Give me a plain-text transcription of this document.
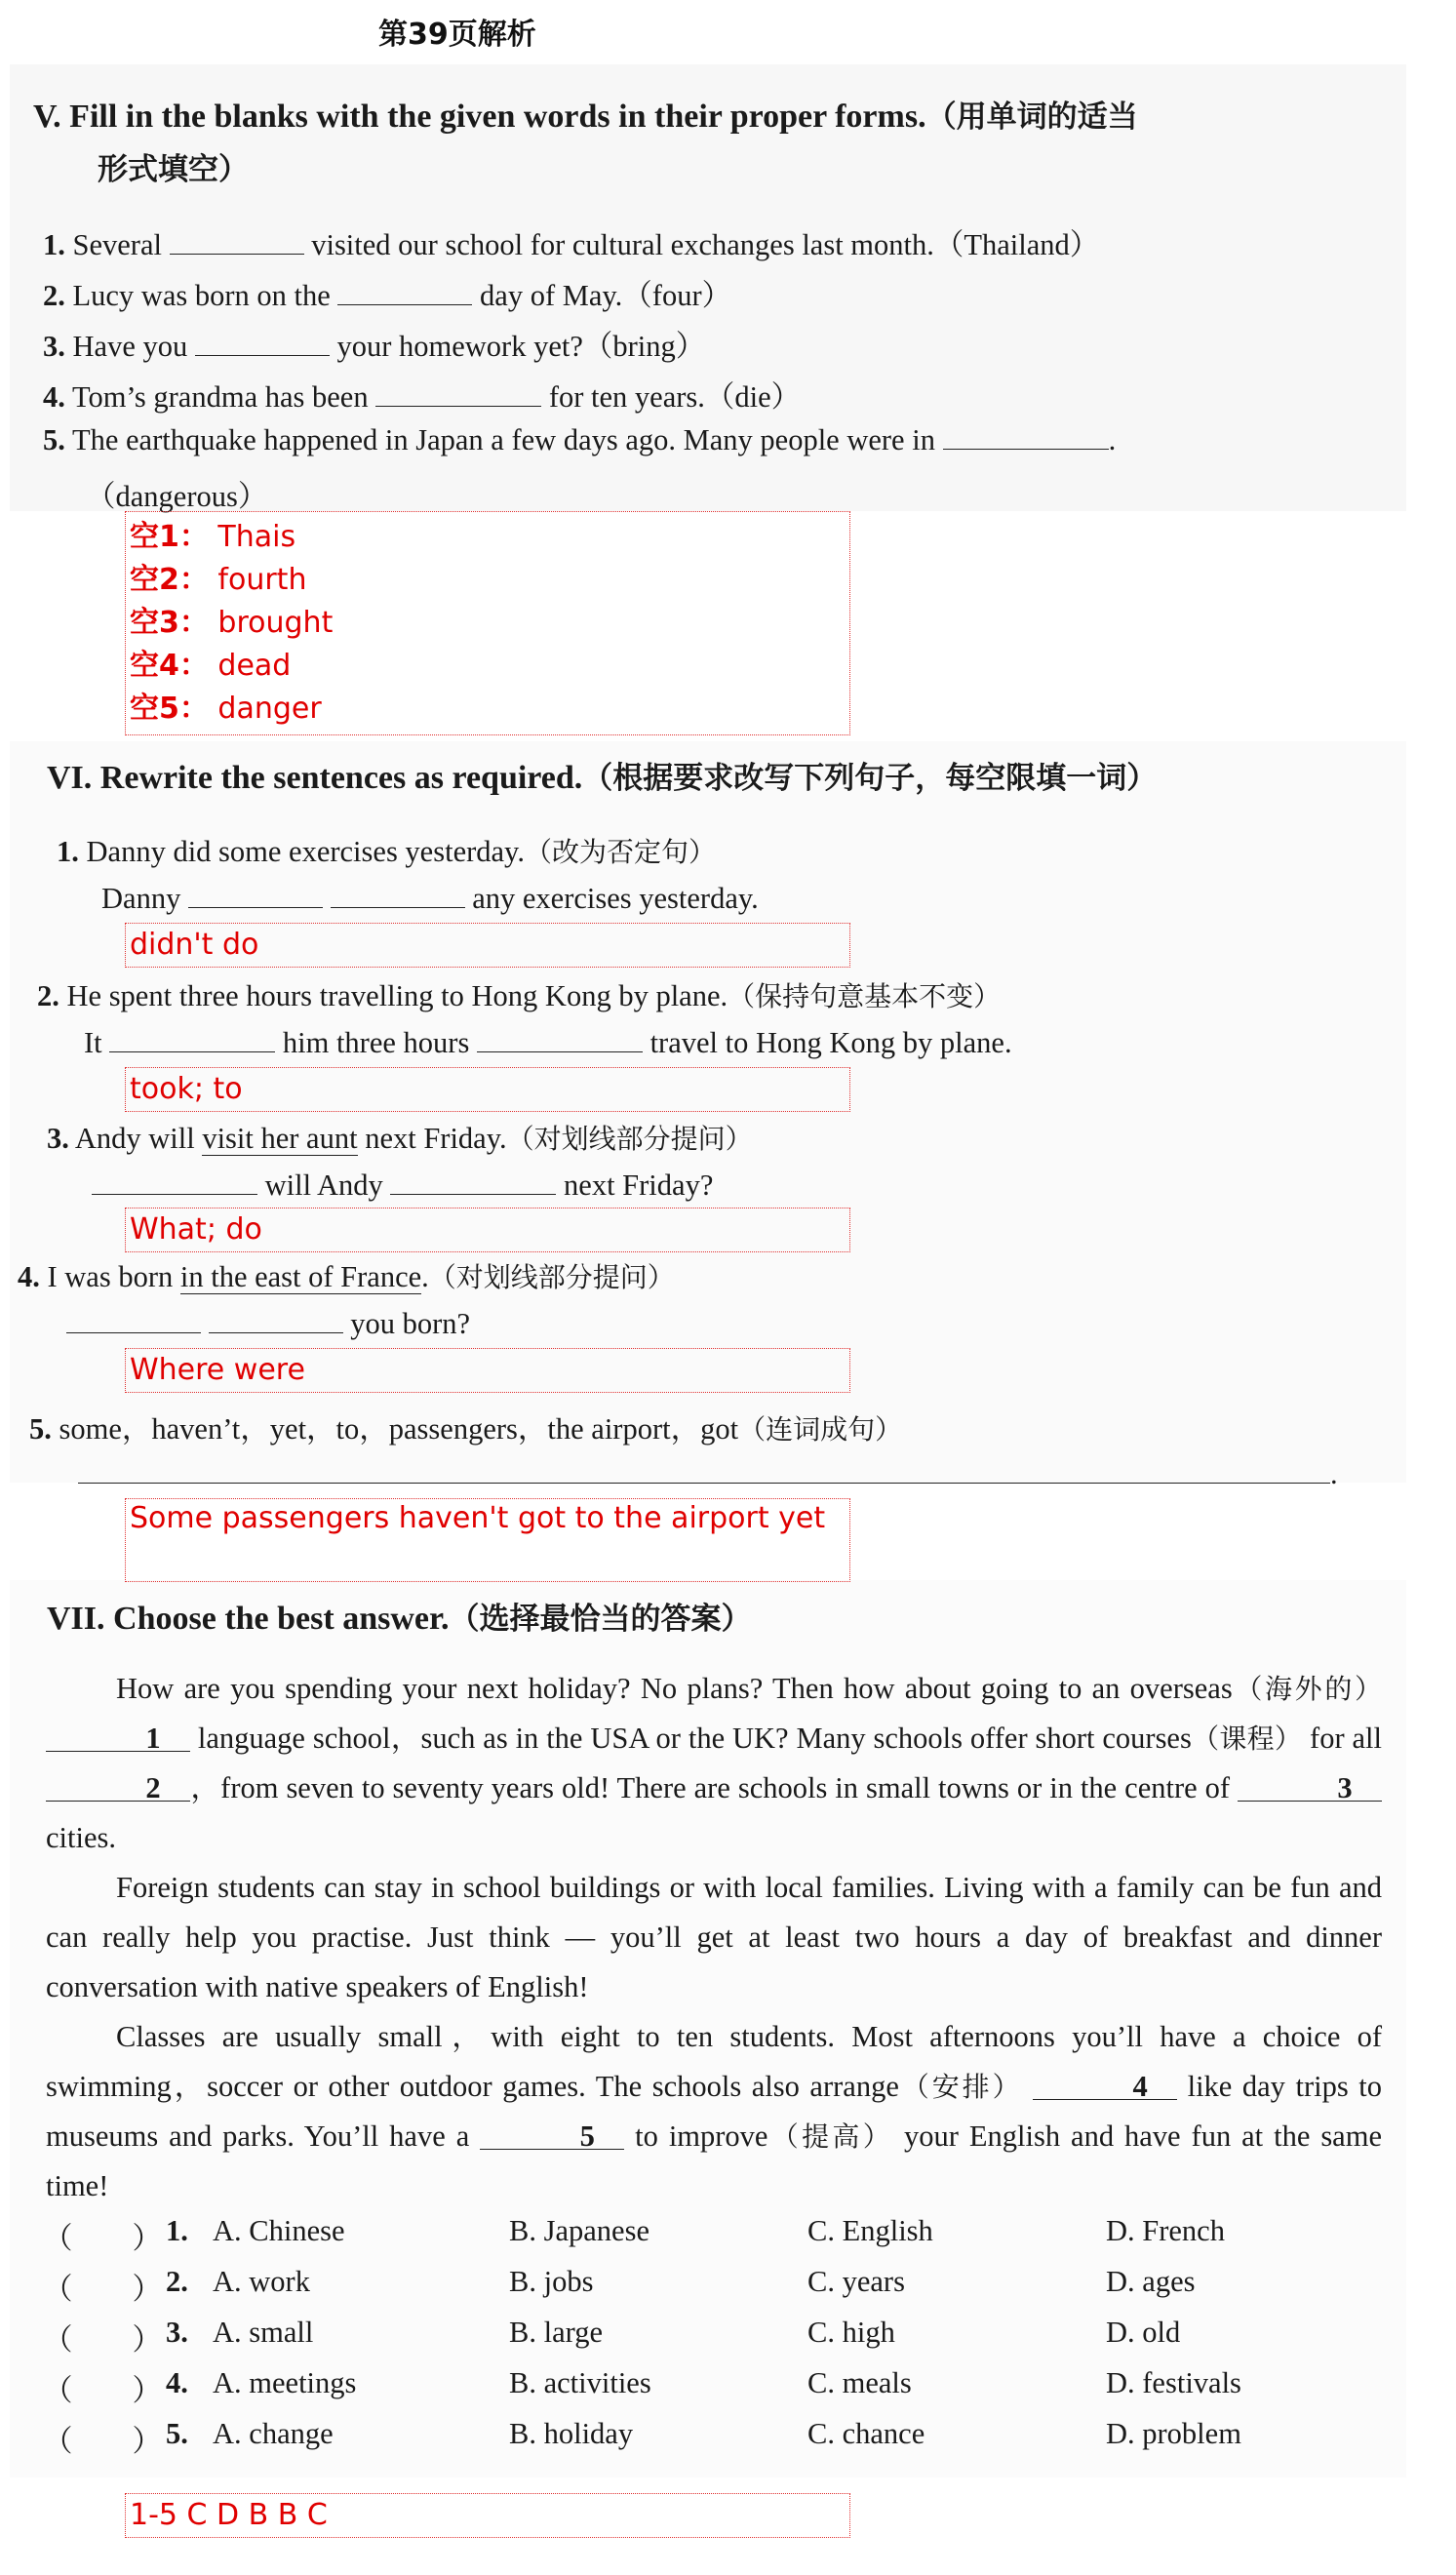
第39页解析
V. Fill in the blanks with the given words in their proper forms.（用单词的适当
形式填空）
1. Several	visited our school for cultural exchanges last month.（Thailand）
2. Lucy was born on the	day of May.（four）
3. Have you	your homework yet?（bring）
4. Tom’s grandma has been	for ten years.（die）
5. The earthquake happened in Japan a few days ago. Many people were in	.
（dangerous）
空1： Thais
空2： fourth
空3： brought
空4： dead
空5： danger
VI. Rewrite the sentences as required.（根据要求改写下列句子，每空限填一词）
1. Danny did some exercises yesterday.（改为否定句）
Danny	any exercises yesterday.
didn't do
2. He spent three hours travelling to Hong Kong by plane.（保持句意基本不变）
It	him three hours	travel to Hong Kong by plane.
took; to
3. Andy will visit her aunt next Friday.（对划线部分提问）
will Andy	next Friday?
What; do
4. I was born in the east of France.（对划线部分提问）
you born?
Where were
5. some，haven’t，yet，to，passengers，the airport，got（连词成句）
.
Some passengers haven't got to the airport yet
VII. Choose the best answer.（选择最恰当的答案）

How are you spending your next holiday? No plans? Then how about going to an overseas（海外的） 1 language school，such as in the USA or the UK? Many schools offer short courses（课程） for all 2 ，from seven to seventy years old! There are schools in small towns or in the centre of	3 cities.

Foreign students can stay in school buildings or with local families. Living with a family can be fun and can really help you practise. Just think — you’ll get at least two hours a day of breakfast and dinner conversation with native speakers of English!

Classes are usually small，with eight to ten students. Most afternoons you’ll have a choice of swimming，soccer or other outdoor games. The schools also arrange（安排）	4 like day trips to museums and parks. You’ll have a	5 to improve（提高） your English and have fun at the same time!

（　　） 1. A. Chinese	B. Japanese	C. English	D. French
（　　） 2. A. work	B. jobs	C. years	D. ages
（　　） 3. A. small	B. large	C. high	D. old
（　　） 4. A. meetings	B. activities	C. meals	D. festivals
（　　） 5. A. change	B. holiday	C. chance	D. problem
1-5 C D B B C
